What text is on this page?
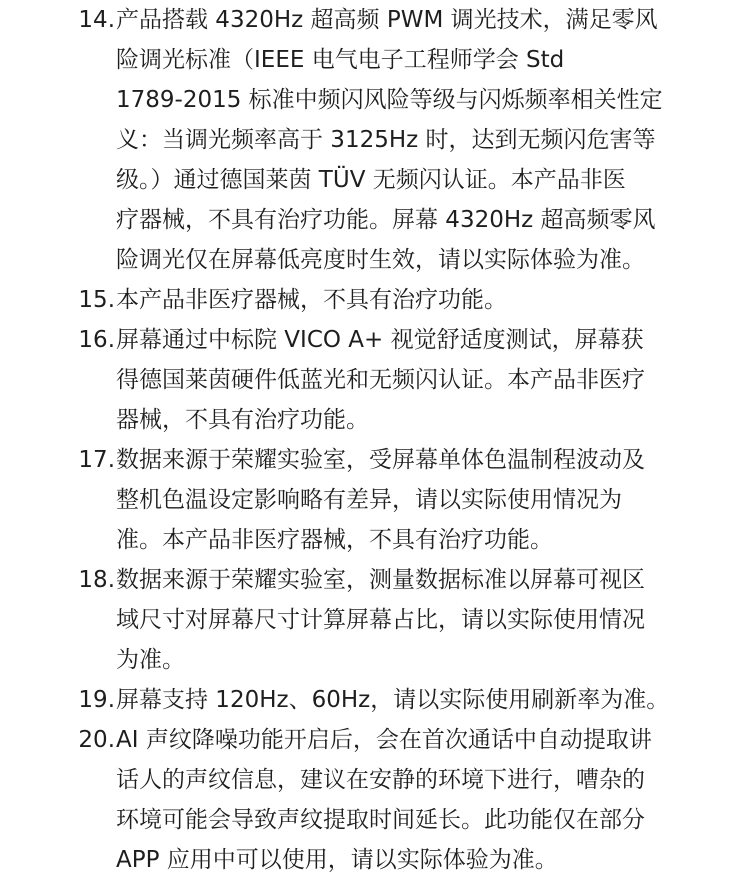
14. 产品搭载 4320Hz 超高频 PWM 调光技术，满足零风
险调光标准（IEEE 电气电子工程师学会 Std
1789-2015 标准中频闪风险等级与闪烁频率相关性定
义：当调光频率高于 3125Hz 时，达到无频闪危害等
级。）通过德国莱茵 TÜV 无频闪认证。本产品非医
疗器械，不具有治疗功能。屏幕 4320Hz 超高频零风
险调光仅在屏幕低亮度时生效，请以实际体验为准。
15. 本产品非医疗器械，不具有治疗功能。
16. 屏幕通过中标院 VICO A+ 视觉舒适度测试，屏幕获
得德国莱茵硬件低蓝光和无频闪认证。本产品非医疗
器械，不具有治疗功能。
17. 数据来源于荣耀实验室，受屏幕单体色温制程波动及
整机色温设定影响略有差异，请以实际使用情况为
准。本产品非医疗器械，不具有治疗功能。
18. 数据来源于荣耀实验室，测量数据标准以屏幕可视区
域尺寸对屏幕尺寸计算屏幕占比，请以实际使用情况
为准。
19. 屏幕支持 120Hz、60Hz，请以实际使用刷新率为准。
20. AI 声纹降噪功能开启后，会在首次通话中自动提取讲
话人的声纹信息，建议在安静的环境下进行，嘈杂的
环境可能会导致声纹提取时间延长。此功能仅在部分
APP 应用中可以使用，请以实际体验为准。
